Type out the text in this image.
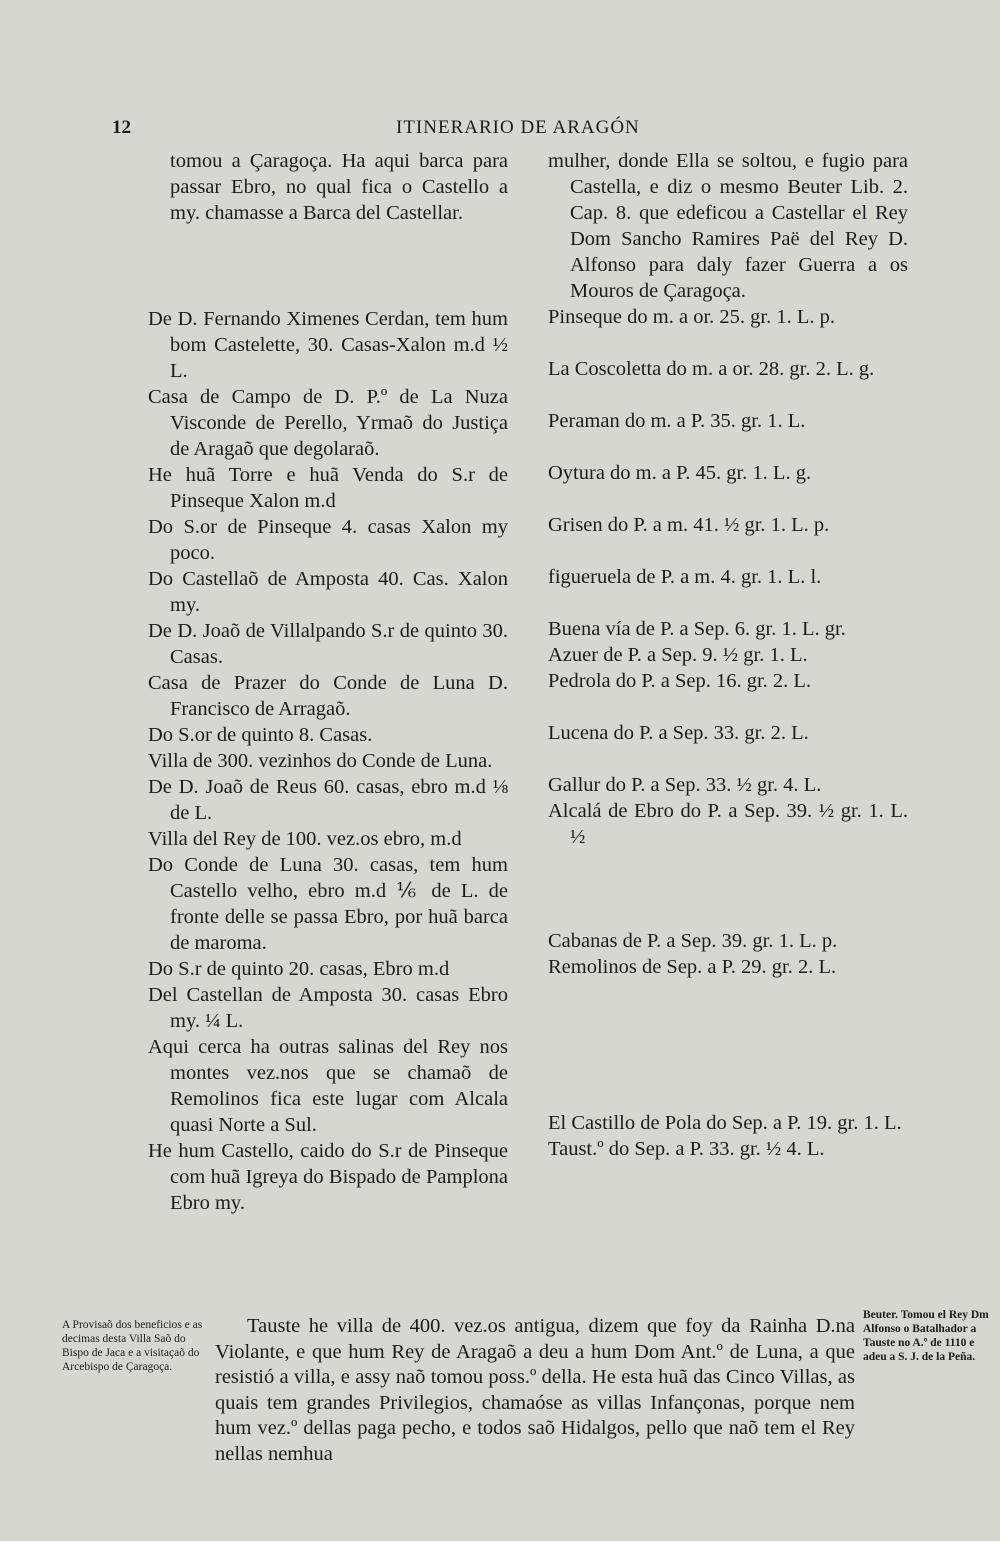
12	ITINERARIO DE ARAGÓN
tomou a Çaragoça. Ha aqui barca para passar Ebro, no qual fica o Castello a my. chamasse a Barca del Castellar.
De D. Fernando Ximenes Cerdan, tem hum bom Castelette, 30. Casas-Xalon m.d ½ L.
Casa de Campo de D. P.º de La Nuza Visconde de Perello, Yrmaõ do Justiça de Aragaõ que degolaraõ.
He huã Torre e huã Venda do S.r de Pinseque Xalon m.d
Do S.or de Pinseque 4. casas Xalon my poco.
Do Castellaõ de Amposta 40. Cas. Xalon my.
De D. Joaõ de Villalpando S.r de quinto 30. Casas.
Casa de Prazer do Conde de Luna D. Francisco de Arragaõ.
Do S.or de quinto 8. Casas.
Villa de 300. vezinhos do Conde de Luna.
De D. Joaõ de Reus 60. casas, ebro m.d ⅛ de L.
Villa del Rey de 100. vez.os ebro, m.d
Do Conde de Luna 30. casas, tem hum Castello velho, ebro m.d ⅙ de L. de fronte delle se passa Ebro, por huã barca de maroma.
Do S.r de quinto 20. casas, Ebro m.d
Del Castellan de Amposta 30. casas Ebro my. ¼ L.
Aqui cerca ha outras salinas del Rey nos montes vez.nos que se chamaõ de Remolinos fica este lugar com Alcala quasi Norte a Sul.
He hum Castello, caido do S.r de Pinseque com huã Igreya do Bispado de Pamplona Ebro my.
mulher, donde Ella se soltou, e fugio para Castella, e diz o mesmo Beuter Lib. 2. Cap. 8. que edeficou a Castellar el Rey Dom Sancho Ramires Paë del Rey D. Alfonso para daly fazer Guerra a os Mouros de Çaragoça.
Pinseque do m. a or. 25. gr. 1. L. p.
La Coscoletta do m. a or. 28. gr. 2. L. g.
Peraman do m. a P. 35. gr. 1. L.
Oytura do m. a P. 45. gr. 1. L. g.
Grisen do P. a m. 41. ½ gr. 1. L. p.
figueruela de P. a m. 4. gr. 1. L. l.
Buena vía de P. a Sep. 6. gr. 1. L. gr.
Azuer de P. a Sep. 9. ½ gr. 1. L.
Pedrola do P. a Sep. 16. gr. 2. L.
Lucena do P. a Sep. 33. gr. 2. L.
Gallur do P. a Sep. 33. ½ gr. 4. L.
Alcalá de Ebro do P. a Sep. 39. ½ gr. 1. L. ½
Cabanas de P. a Sep. 39. gr. 1. L. p.
Remolinos de Sep. a P. 29. gr. 2. L.
El Castillo de Pola do Sep. a P. 19. gr. 1. L.
Taust.º do Sep. a P. 33. gr. ½ 4. L.
A Provisaõ dos beneficios e as decimas desta Villa Saõ do Bispo de Jaca e a visitaçaõ do Arcebispo de Çaragoça.
Tauste he villa de 400. vez.os antigua, dizem que foy da Rainha D.na Violante, e que hum Rey de Aragaõ a deu a hum Dom Ant.º de Luna, a que resistió a villa, e assy naõ tomou poss.º della. He esta huã das Cinco Villas, as quais tem grandes Privilegios, chamaóse as villas Infançonas, porque nem hum vez.º dellas paga pecho, e todos saõ Hidalgos, pello que naõ tem el Rey nellas nemhua
Beuter. Tomou el Rey Dm Alfonso o Batalhador a Tauste no A.º de 1110 e adeu a S. J. de la Peña.
